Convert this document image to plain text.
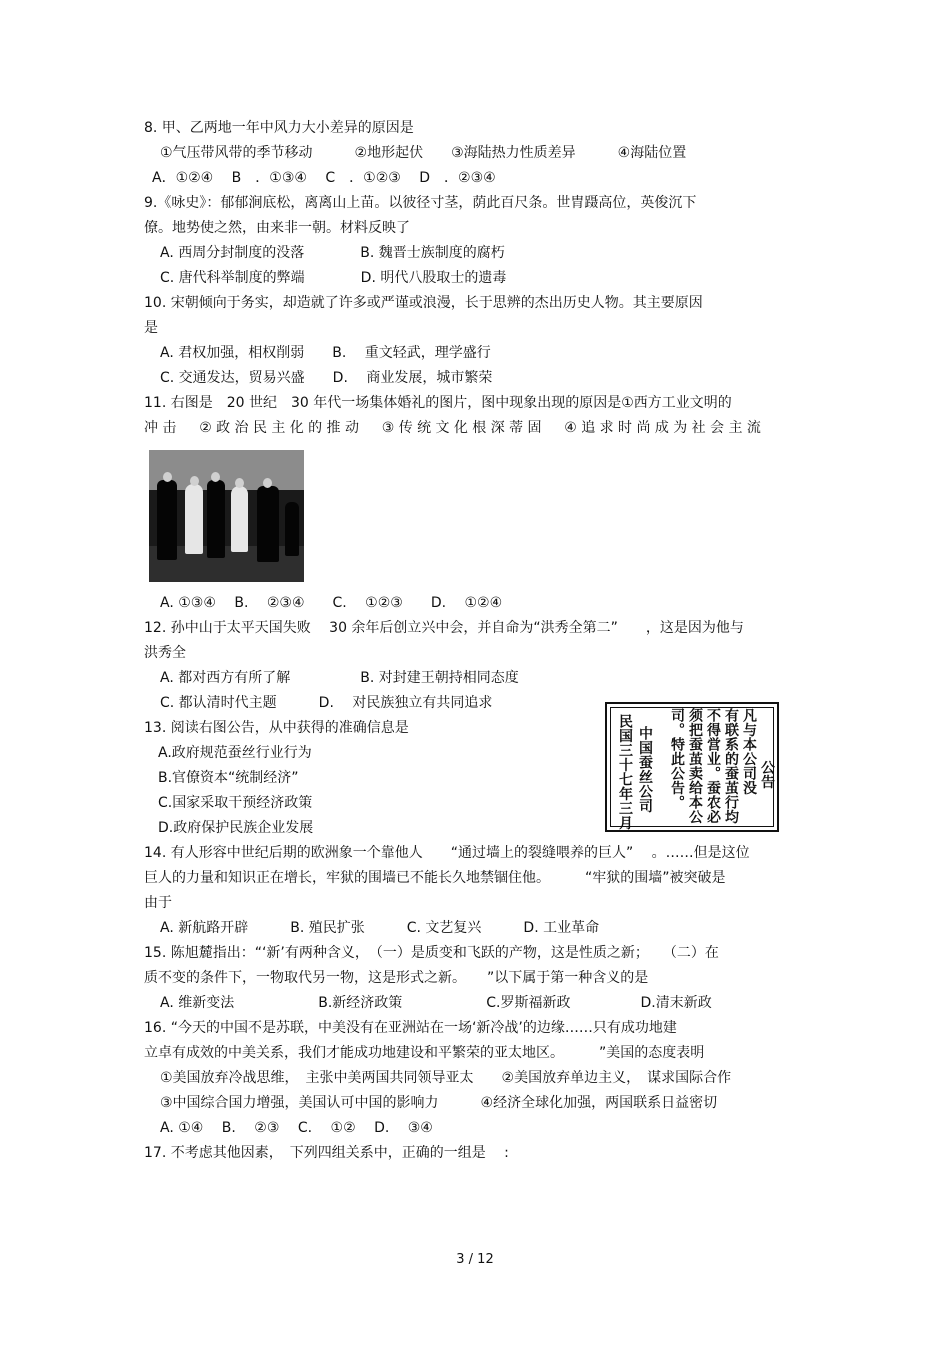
8. 甲、乙两地一年中风力大小差异的原因是
①气压带风带的季节移动　　　②地形起伏　　③海陆热力性质差异　　　④海陆位置
A．①②④　 B　．①③④　 C　．①②③　 D　．②③④
9.《咏史》：郁郁涧底松，离离山上苗。以彼径寸茎，荫此百尺条。世胄蹑高位，英俊沉下
僚。地势使之然，由来非一朝。材料反映了
A. 西周分封制度的没落　　　　B. 魏晋士族制度的腐朽
C. 唐代科举制度的弊端　　　　D. 明代八股取士的遗毒
10. 宋朝倾向于务实，却造就了许多或严谨或浪漫，长于思辨的杰出历史人物。其主要原因
是
A. 君权加强，相权削弱　　B.　 重文轻武，理学盛行
C. 交通发达，贸易兴盛　　D.　 商业发展，城市繁荣
11. 右图是　20 世纪　30 年代一场集体婚礼的图片，图中现象出现的原因是①西方工业文明的
冲击　②政治民主化的推动　③传统文化根深蒂固　④追求时尚成为社会主流
A. ①③④　 B.　 ②③④　　C.　 ①②③　　D.　 ①②④
12. 孙中山于太平天国失败　 30 余年后创立兴中会，并自命为“洪秀全第二”　　，这是因为他与
洪秀全
A. 都对西方有所了解　　　　　B. 对封建王朝持相同态度
C. 都认清时代主题　　　D.　 对民族独立有共同追求
13. 阅读右图公告，从中获得的准确信息是
A.政府规范蚕丝行业行为
B.官僚资本“统制经济”
C.国家采取干预经济政策
D.政府保护民族企业发展
公告
凡与本公司没
有联系的蚕茧行均
不得営业。蚕农必
须把蚕茧卖给本公
司。特此公告。
中国蚕丝公司
民国三十七年三月
14. 有人形容中世纪后期的欧洲象一个靠他人　　“通过墙上的裂缝喂养的巨人”　 。……但是这位
巨人的力量和知识正在增长，牢狱的围墙已不能长久地禁锢住他。　　　“牢狱的围墙”被突破是
由于
A. 新航路开辟　　　B. 殖民扩张　　　C. 文艺复兴　　　D. 工业革命
15. 陈旭麓指出：“‘新’有两种含义，　（一）是质变和飞跃的产物，这是性质之新；　　（二）在
质不变的条件下，一物取代另一物，这是形式之新。　　”以下属于第一种含义的是
A. 维新变法　　　　　　B.新经济政策　　　　　　C.罗斯福新政　　　　　D.清末新政
16. “今天的中国不是苏联，中美没有在亚洲站在一场‘新冷战’的边缘……只有成功地建
立卓有成效的中美关系，我们才能成功地建设和平繁荣的亚太地区。　　　”美国的态度表明
①美国放弃冷战思维，　主张中美两国共同领导亚太　　②美国放弃单边主义，　谋求国际合作
③中国综合国力增强，美国认可中国的影响力　　　④经济全球化加强，两国联系日益密切
A. ①④　 B.　 ②③　 C.　 ①②　 D.　 ③④
17. 不考虑其他因素，　下列四组关系中，正确的一组是　 :
3 / 12
